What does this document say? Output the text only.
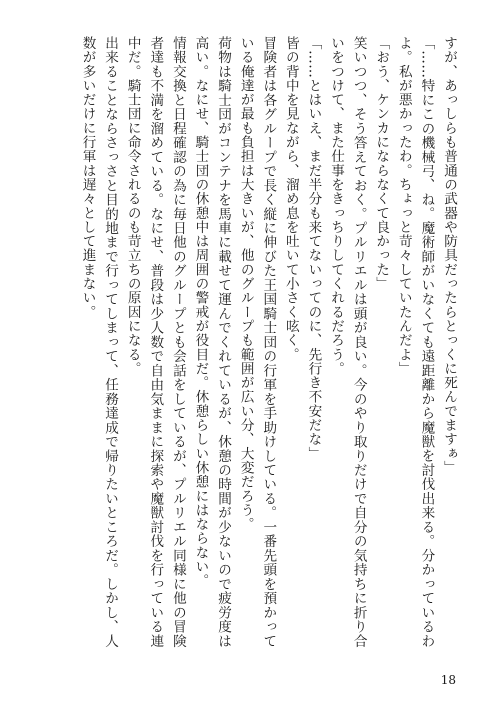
すが、あっしらも普通の武器や防具だったらとっくに死んでますぁ」

「……特にこの機械弓、ね。魔術師がいなくても遠距離から魔獣を討伐出来る。分かっているわよ。私が悪かったわ。ちょっと苛々していたんだよ」

「おう、ケンカにならなくて良かった」

笑いつつ、そう答えておく。プルリエルは頭が良い。今のやり取りだけで自分の気持ちに折り合いをつけて、また仕事をきっちりしてくれるだろう。

「……とはいえ、まだ半分も来てないってのに、先行き不安だな」

皆の背中を見ながら、溜め息を吐いて小さく呟く。

冒険者は各グループで長く縦に伸びた王国騎士団の行軍を手助けしている。一番先頭を預かっている俺達が最も負担は大きいが、他のグループも範囲が広い分、大変だろう。

荷物は騎士団がコンテナを馬車に載せて運んでくれているが、休憩の時間が少ないので疲労度は高い。なにせ、騎士団の休憩中は周囲の警戒が役目だ。休憩らしい休憩にはならない。

情報交換と日程確認の為に毎日他のグループとも会話をしているが、プルリエル同様に他の冒険者達も不満を溜めている。なにせ、普段は少人数で自由気ままに探索や魔獣討伐を行っている連中だ。騎士団に命令されるのも苛立ちの原因になる。

出来ることならさっさと目的地まで行ってしまって、任務達成で帰りたいところだ。しかし、人数が多いだけに行軍は遅々として進まない。

18
